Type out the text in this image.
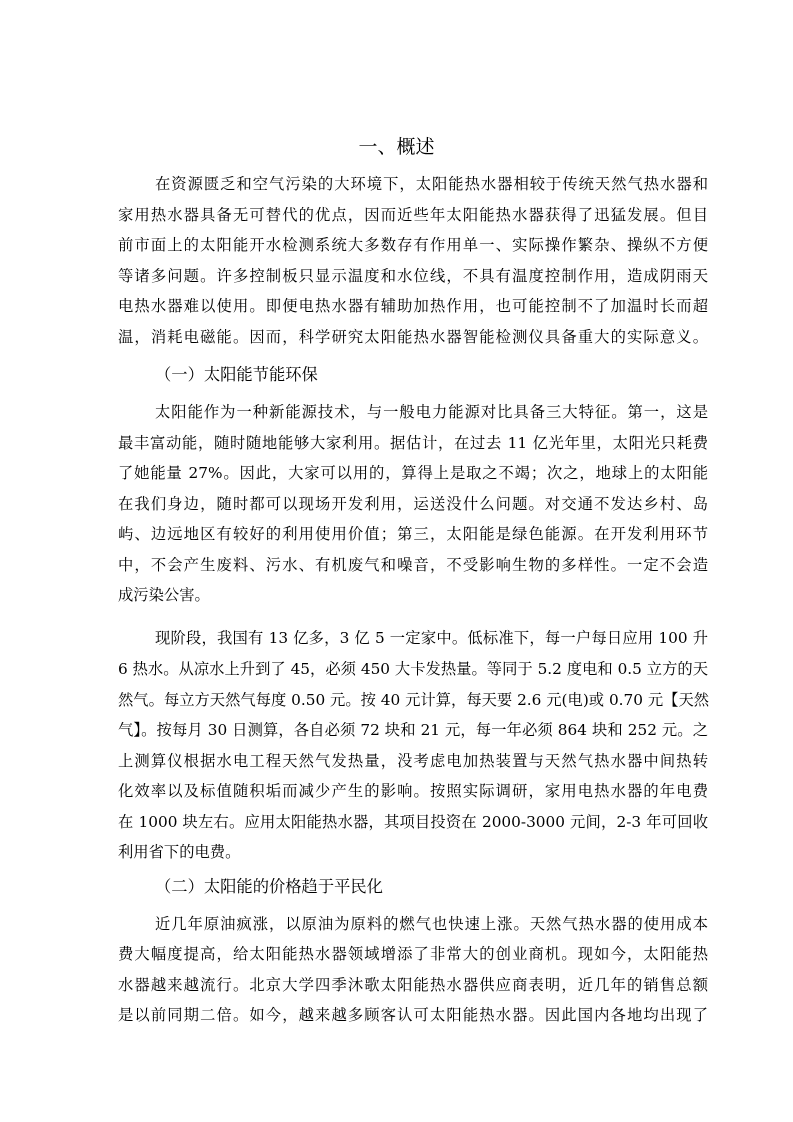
一、概述
在资源匮乏和空气污染的大环境下，太阳能热水器相较于传统天然气热水器和
家用热水器具备无可替代的优点，因而近些年太阳能热水器获得了迅猛发展。但目
前市面上的太阳能开水检测系统大多数存有作用单一、实际操作繁杂、操纵不方便
等诸多问题。许多控制板只显示温度和水位线，不具有温度控制作用，造成阴雨天
电热水器难以使用。即便电热水器有辅助加热作用，也可能控制不了加温时长而超
温，消耗电磁能。因而，科学研究太阳能热水器智能检测仪具备重大的实际意义。
（一）太阳能节能环保
太阳能作为一种新能源技术，与一般电力能源对比具备三大特征。第一，这是
最丰富动能，随时随地能够大家利用。据估计，在过去 11 亿光年里，太阳光只耗费
了她能量 27%。因此，大家可以用的，算得上是取之不竭；次之，地球上的太阳能
在我们身边，随时都可以现场开发利用，运送没什么问题。对交通不发达乡村、岛
屿、边远地区有较好的利用使用价值；第三，太阳能是绿色能源。在开发利用环节
中，不会产生废料、污水、有机废气和噪音，不受影响生物的多样性。一定不会造
成污染公害。
现阶段，我国有 13 亿多，3 亿 5 一定家中。低标准下，每一户每日应用 100 升
6 热水。从凉水上升到了 45，必须 450 大卡发热量。等同于 5.2 度电和 0.5 立方的天
然气。每立方天然气每度 0.50 元。按 40 元计算，每天要 2.6 元(电)或 0.70 元【天然
气】。按每月 30 日测算，各自必须 72 块和 21 元，每一年必须 864 块和 252 元。之
上测算仪根据水电工程天然气发热量，没考虑电加热装置与天然气热水器中间热转
化效率以及标值随积垢而减少产生的影响。按照实际调研，家用电热水器的年电费
在 1000 块左右。应用太阳能热水器，其项目投资在 2000-3000 元间，2-3 年可回收
利用省下的电费。
（二）太阳能的价格趋于平民化
近几年原油疯涨，以原油为原料的燃气也快速上涨。天然气热水器的使用成本
费大幅度提高，给太阳能热水器领域增添了非常大的创业商机。现如今，太阳能热
水器越来越流行。北京大学四季沐歌太阳能热水器供应商表明，近几年的销售总额
是以前同期二倍。如今，越来越多顾客认可太阳能热水器。因此国内各地均出现了
